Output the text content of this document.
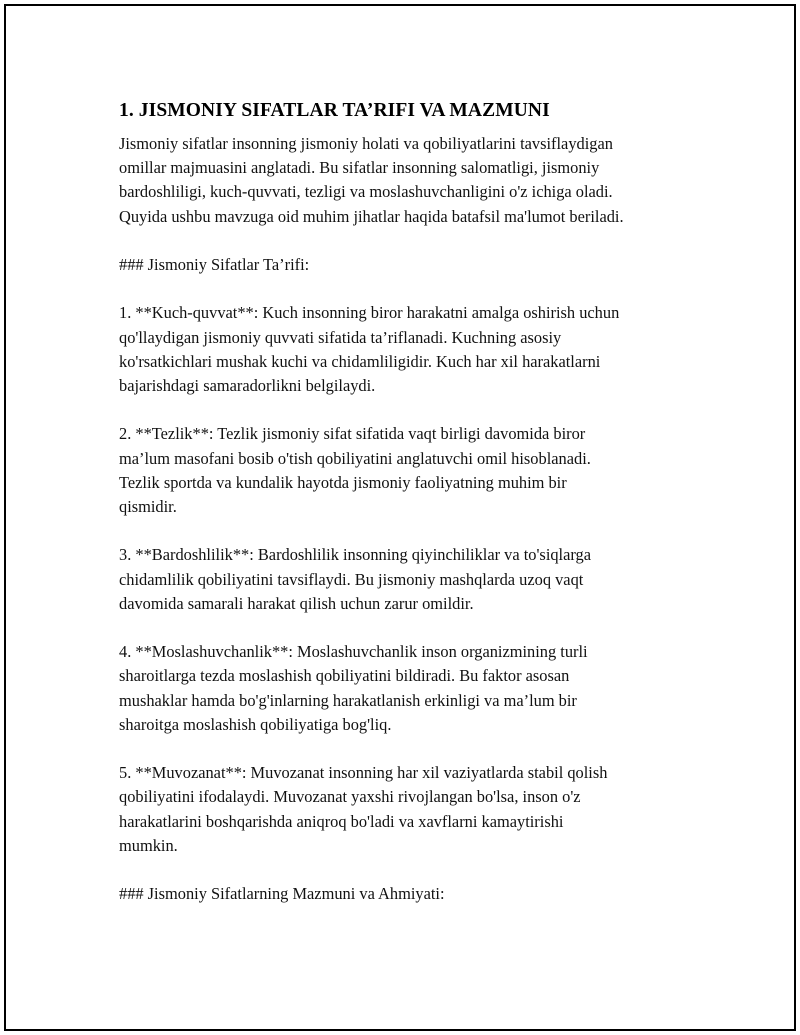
1. JISMONIY SIFATLAR TA’RIFI VA MAZMUNI

Jismoniy sifatlar insonning jismoniy holati va qobiliyatlarini tavsiflaydigan
omillar majmuasini anglatadi. Bu sifatlar insonning salomatligi, jismoniy
bardoshliligi, kuch-quvvati, tezligi va moslashuvchanligini o'z ichiga oladi.
Quyida ushbu mavzuga oid muhim jihatlar haqida batafsil ma'lumot beriladi.

### Jismoniy Sifatlar Ta’rifi:

1. **Kuch-quvvat**: Kuch insonning biror harakatni amalga oshirish uchun
qo'llaydigan jismoniy quvvati sifatida ta’riflanadi. Kuchning asosiy
ko'rsatkichlari mushak kuchi va chidamliligidir. Kuch har xil harakatlarni
bajarishdagi samaradorlikni belgilaydi.

2. **Tezlik**: Tezlik jismoniy sifat sifatida vaqt birligi davomida biror
ma’lum masofani bosib o'tish qobiliyatini anglatuvchi omil hisoblanadi.
Tezlik sportda va kundalik hayotda jismoniy faoliyatning muhim bir
qismidir.

3. **Bardoshlilik**: Bardoshlilik insonning qiyinchiliklar va to'siqlarga
chidamlilik qobiliyatini tavsiflaydi. Bu jismoniy mashqlarda uzoq vaqt
davomida samarali harakat qilish uchun zarur omildir.

4. **Moslashuvchanlik**: Moslashuvchanlik inson organizmining turli
sharoitlarga tezda moslashish qobiliyatini bildiradi. Bu faktor asosan
mushaklar hamda bo'g'inlarning harakatlanish erkinligi va ma’lum bir
sharoitga moslashish qobiliyatiga bog'liq.

5. **Muvozanat**: Muvozanat insonning har xil vaziyatlarda stabil qolish
qobiliyatini ifodalaydi. Muvozanat yaxshi rivojlangan bo'lsa, inson o'z
harakatlarini boshqarishda aniqroq bo'ladi va xavflarni kamaytirishi
mumkin.

### Jismoniy Sifatlarning Mazmuni va Ahmiyati:
